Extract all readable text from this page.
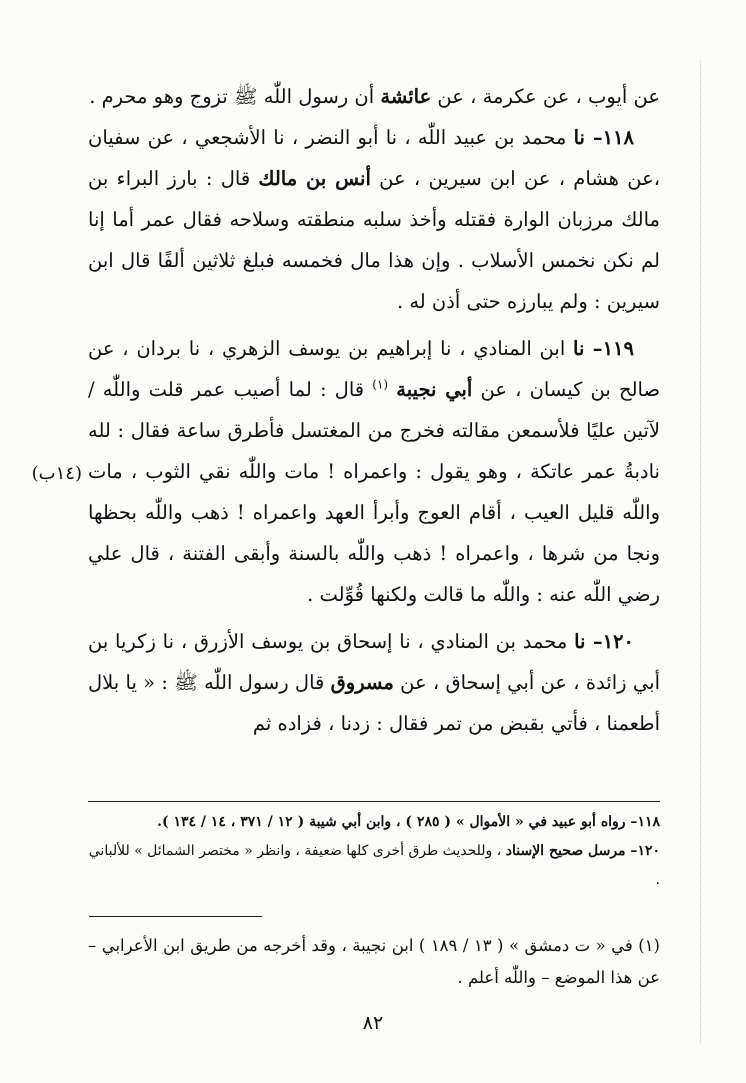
عن أيوب ، عن عكرمة ، عن عائشة أن رسول اللّٰه ﷺ تزوج وهو محرم .

١١٨– نا محمد بن عبيد اللّٰه ، نا أبو النضر ، نا الأشجعي ، عن سفيان ،عن هشام ، عن ابن سيرين ، عن أنس بن مالك قال : بارز البراء بن مالك مرزبان الوارة فقتله وأخذ سلبه منطقته وسلاحه فقال عمر أما إنا لم نكن نخمس الأسلاب . وإن هذا مال فخمسه فبلغ ثلاثين ألفًا قال ابن سيرين : ولم يبارزه حتى أذن له .

١١٩– نا ابن المنادي ، نا إبراهيم بن يوسف الزهري ، نا بردان ، عن صالح بن كيسان ، عن أبي نجيبة $^{(١)}$ قال : لما أصيب عمر قلت واللّٰه / لآتين عليًا فلأسمعن مقالته فخرج من المغتسل فأطرق ساعة فقال : لله نادبةُ عمر عاتكة ، وهو يقول : واعمراه ! مات واللّٰه نقي الثوب ، مات واللّٰه قليل العيب ، أقام العوج وأبرأ العهد واعمراه ! ذهب واللّٰه بحظها ونجا من شرها ، واعمراه ! ذهب واللّٰه بالسنة وأبقى الفتنة ، قال علي رضي اللّٰه عنه : واللّٰه ما قالت ولكنها قُوِّلت .

١٢٠– نا محمد بن المنادي ، نا إسحاق بن يوسف الأزرق ، نا زكريا بن أبي زائدة ، عن أبي إسحاق ، عن مسروق قال رسول اللّٰه ﷺ : « يا بلال أطعمنا ، فأتي بقبض من تمر فقال : زدنا ، فزاده ثم

(١٤ب)

١١٨– رواه أبو عبيد في « الأموال » ( ٢٨٥ ) ، وابن أبي شيبة ( ١٢ / ٣٧١ ، ١٤ / ١٣٤ ).

١٢٠– مرسل صحيح الإسناد ، وللحديث طرق أخرى كلها ضعيفة ، وانظر « مختصر الشمائل » للألباني .

(١) في « ت دمشق » ( ١٣ / ١٨٩ ) ابن نجيبة ، وقد أخرجه من طريق ابن الأعرابي – عن هذا الموضع – واللّٰه أعلم .

٨٢
